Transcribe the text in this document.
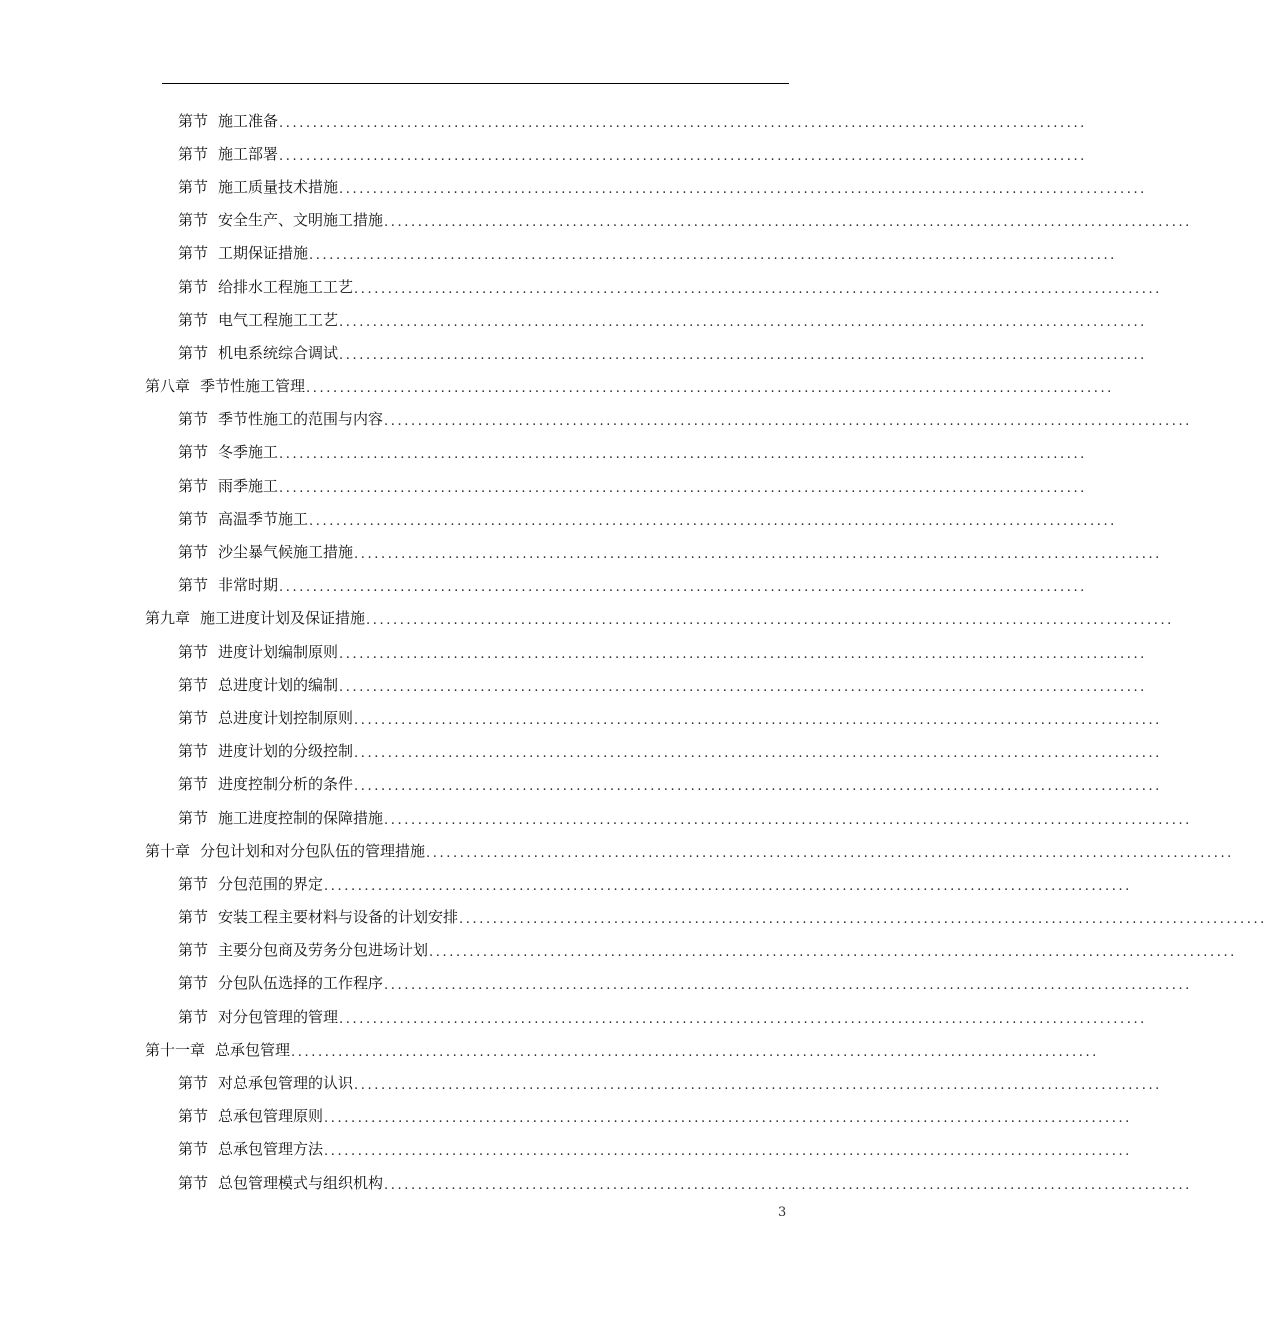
第节 施工准备 ........................................................................................................................
第节 施工部署 ........................................................................................................................
第节 施工质量技术措施 ........................................................................................................................
第节 安全生产、文明施工措施 ........................................................................................................................
第节 工期保证措施 ........................................................................................................................
第节 给排水工程施工工艺 ........................................................................................................................
第节 电气工程施工工艺 ........................................................................................................................
第节 机电系统综合调试 ........................................................................................................................
第八章 季节性施工管理 ........................................................................................................................
第节 季节性施工的范围与内容 ........................................................................................................................
第节 冬季施工 ........................................................................................................................
第节 雨季施工 ........................................................................................................................
第节 高温季节施工 ........................................................................................................................
第节 沙尘暴气候施工措施 ........................................................................................................................
第节 非常时期 ........................................................................................................................
第九章 施工进度计划及保证措施 ........................................................................................................................
第节 进度计划编制原则 ........................................................................................................................
第节 总进度计划的编制 ........................................................................................................................
第节 总进度计划控制原则 ........................................................................................................................
第节 进度计划的分级控制 ........................................................................................................................
第节 进度控制分析的条件 ........................................................................................................................
第节 施工进度控制的保障措施 ........................................................................................................................
第十章 分包计划和对分包队伍的管理措施 ........................................................................................................................
第节 分包范围的界定 ........................................................................................................................
第节 安装工程主要材料与设备的计划安排 ........................................................................................................................
第节 主要分包商及劳务分包进场计划 ........................................................................................................................
第节 分包队伍选择的工作程序 ........................................................................................................................
第节 对分包管理的管理 ........................................................................................................................
第十一章 总承包管理 ........................................................................................................................
第节 对总承包管理的认识 ........................................................................................................................
第节 总承包管理原则 ........................................................................................................................
第节 总承包管理方法 ........................................................................................................................
第节 总包管理模式与组织机构 ........................................................................................................................
3
